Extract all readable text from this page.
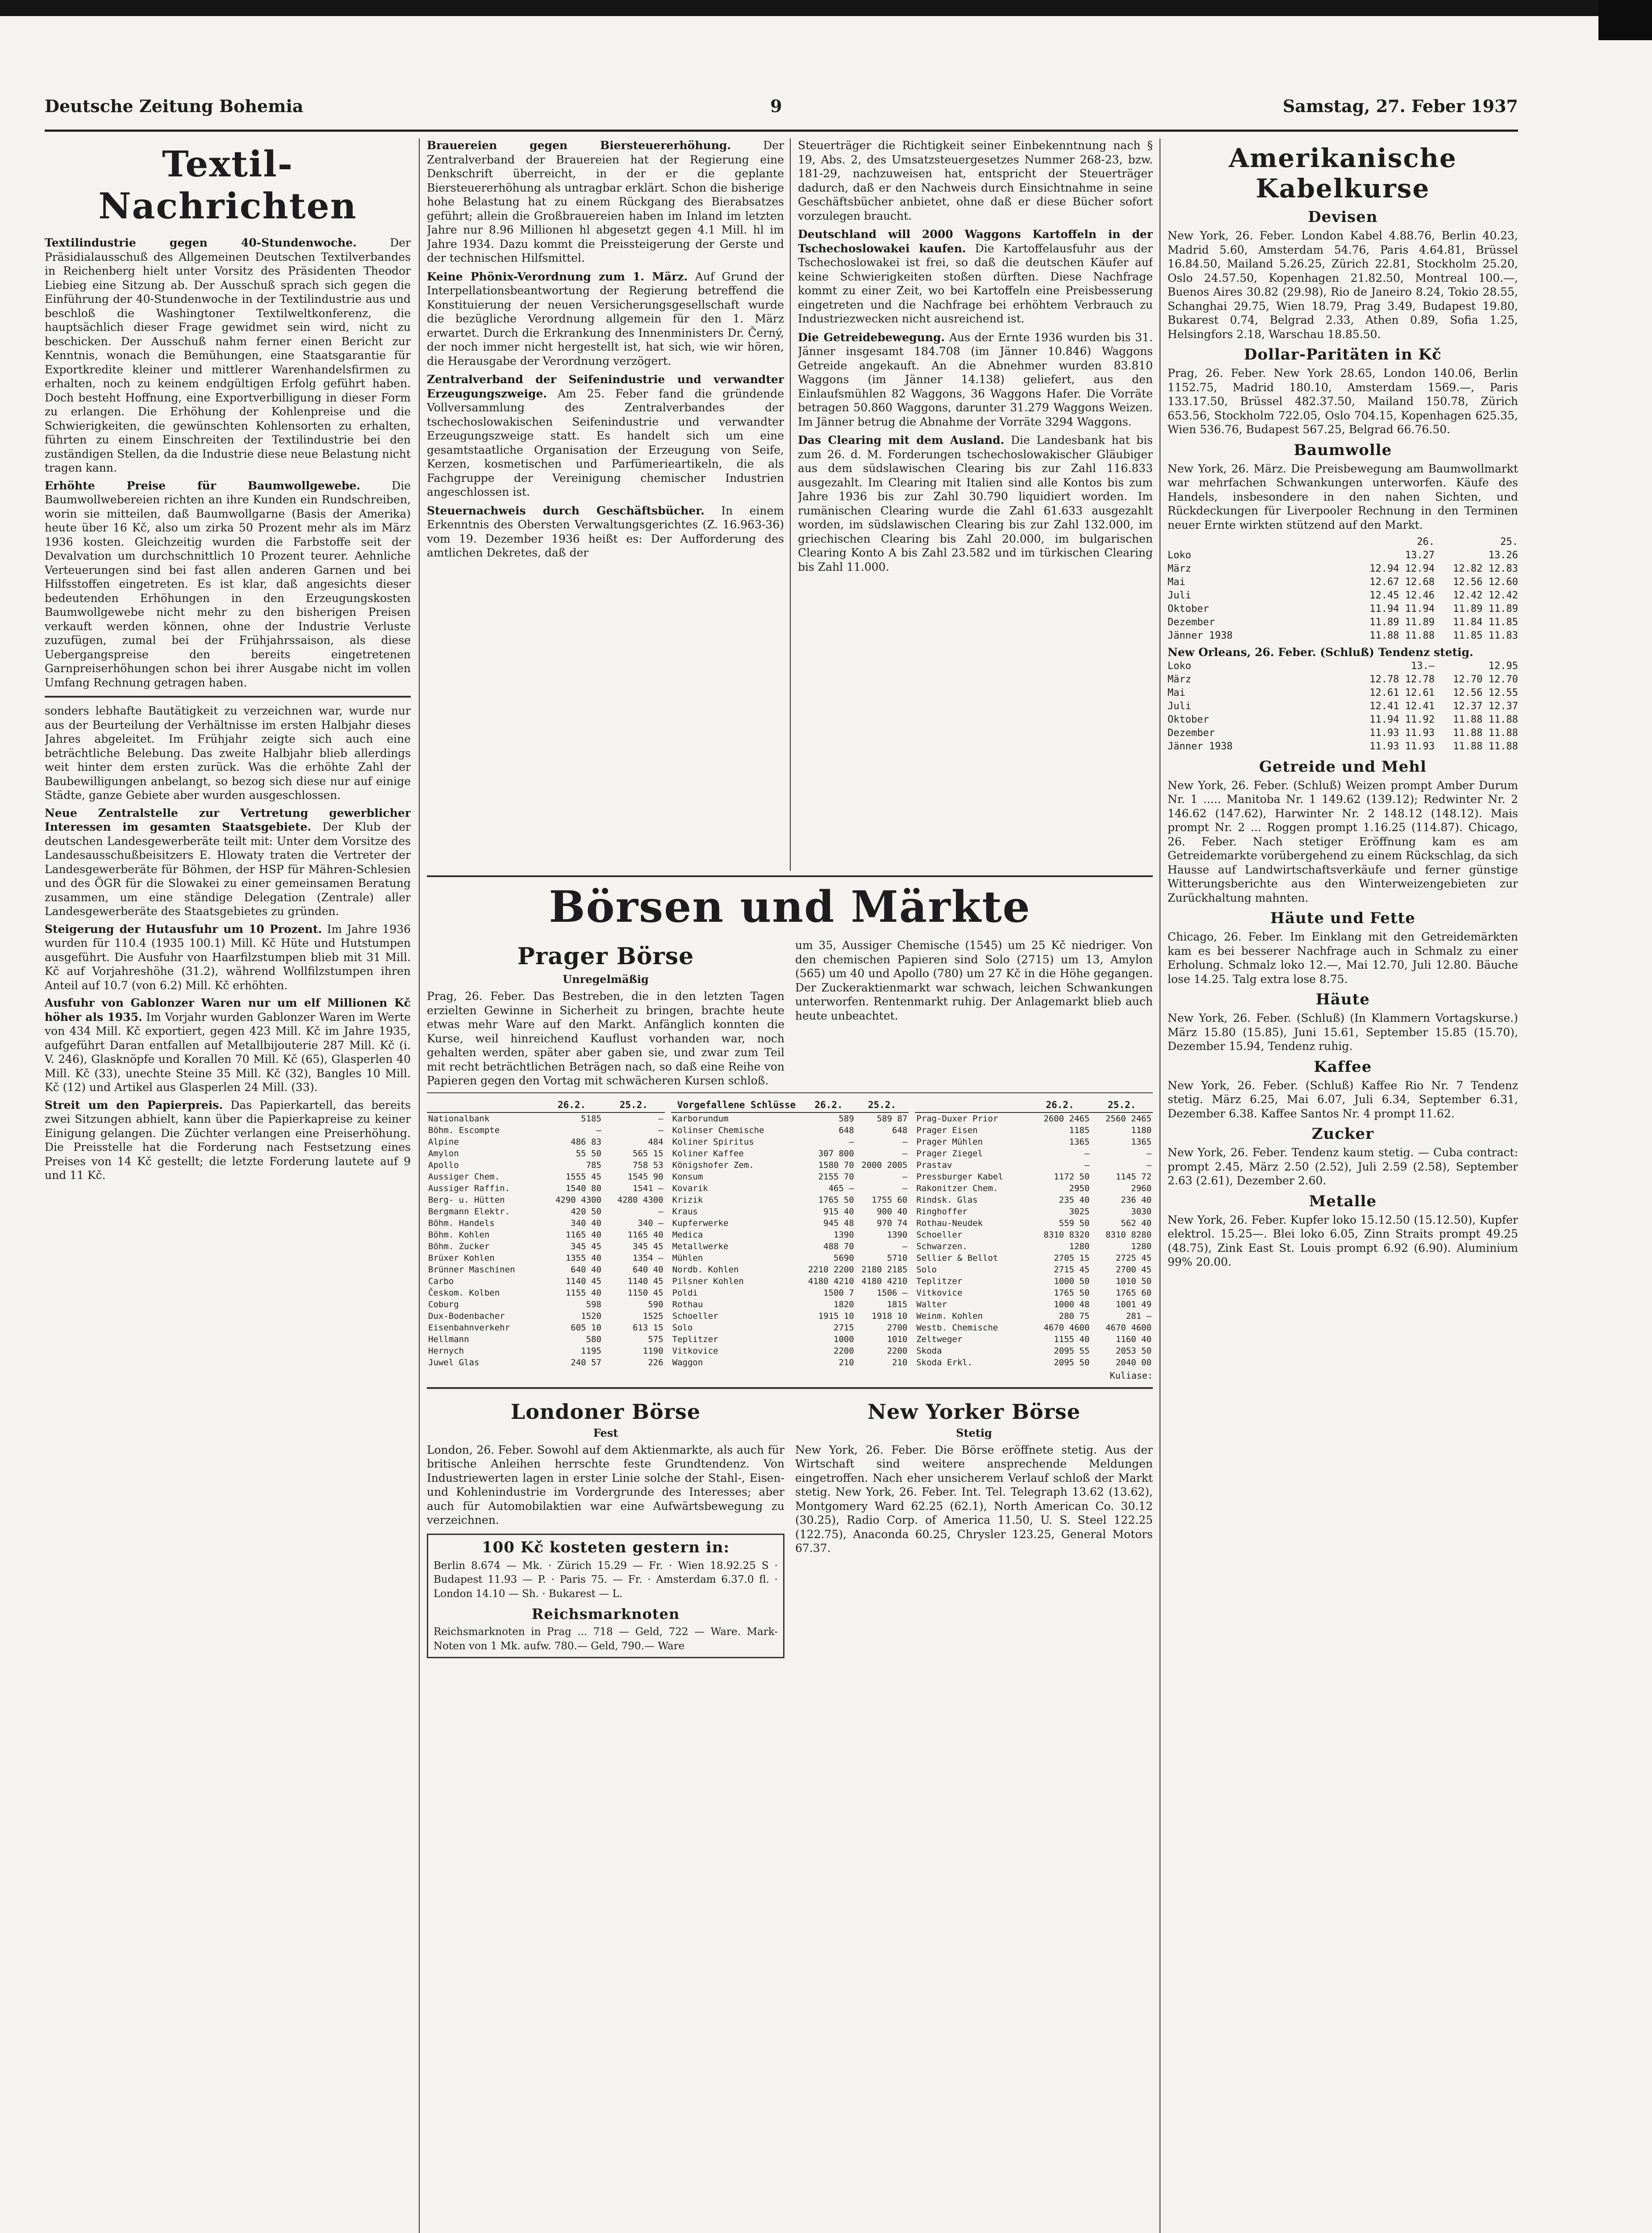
Deutsche Zeitung Bohemia	9	Samstag, 27. Feber 1937
Textil-Nachrichten

Textilindustrie gegen 40-Stundenwoche.	Der Präsidialausschuß des Allgemeinen Deutschen Textilverbandes in Reichenberg hielt unter Vorsitz des Präsidenten Theodor Liebieg eine Sitzung ab. Der Ausschuß sprach sich gegen die Einführung der 40-Stundenwoche in der Textilindustrie aus und beschloß die Washingtoner Textilweltkonferenz, die hauptsächlich dieser Frage gewidmet sein wird, nicht zu beschicken. Der Ausschuß nahm ferner einen Bericht zur Kenntnis, wonach die Bemühungen, eine Staatsgarantie für Exportkredite kleiner und mittlerer Warenhandelsfirmen zu erhalten, noch zu keinem endgültigen Erfolg geführt haben. Doch besteht Hoffnung, eine Exportverbilligung in dieser Form zu erlangen. Die Erhöhung der Kohlenpreise und die Schwierigkeiten, die gewünschten Kohlensorten zu erhalten, führten zu einem Einschreiten der Textilindustrie bei den zuständigen Stellen, da die Industrie diese neue Belastung nicht tragen kann.

Erhöhte Preise für Baumwollgewebe.	Die Baumwollwebereien richten an ihre Kunden ein Rundschreiben, worin sie mitteilen, daß Baumwollgarne (Basis der Amerika) heute über 16 Kč, also um zirka 50 Prozent mehr als im März 1936 kosten. Gleichzeitig wurden die Farbstoffe seit der Devalvation um durchschnittlich 10 Prozent teurer. Aehnliche Verteuerungen sind bei fast allen anderen Garnen und bei Hilfsstoffen eingetreten. Es ist klar, daß angesichts dieser bedeutenden Erhöhungen in den Erzeugungskosten Baumwollgewebe nicht mehr zu den bisherigen Preisen verkauft werden können, ohne der Industrie Verluste zuzufügen, zumal bei der Frühjahrssaison, als diese Uebergangspreise den bereits eingetretenen Garnpreiserhöhungen schon bei ihrer Ausgabe nicht im vollen Umfang Rechnung getragen haben.

sonders lebhafte Bautätigkeit zu verzeichnen war, wurde nur aus der Beurteilung der Verhältnisse im ersten Halbjahr dieses Jahres abgeleitet. Im Frühjahr zeigte sich auch eine beträchtliche Belebung. Das zweite Halbjahr blieb allerdings weit hinter dem ersten zurück. Was die erhöhte Zahl der Baubewilligungen anbelangt, so bezog sich diese nur auf einige Städte, ganze Gebiete aber wurden ausgeschlossen.

Neue Zentralstelle zur Vertretung gewerblicher Interessen im gesamten Staatsgebiete. Der Klub der deutschen Landesgewerberäte teilt mit: Unter dem Vorsitze des Landesausschußbeisitzers E. Hlowaty traten die Vertreter der Landesgewerberäte für Böhmen, der HSP für Mähren-Schlesien und des ÖGR für die Slowakei zu einer gemeinsamen Beratung zusammen, um eine ständige Delegation (Zentrale) aller Landesgewerberäte des Staatsgebietes zu gründen.

Steigerung der Hutausfuhr um 10 Prozent. Im Jahre 1936 wurden für 110.4 (1935 100.1) Mill. Kč Hüte und Hutstumpen ausgeführt. Die Ausfuhr von Haarfilzstumpen blieb mit 31 Mill. Kč auf Vorjahreshöhe (31.2), während Wollfilzstumpen ihren Anteil auf 10.7 (von 6.2) Mill. Kč erhöhten.

Ausfuhr von Gablonzer Waren nur um elf Millionen Kč höher als 1935. Im Vorjahr wurden Gablonzer Waren im Werte von 434 Mill. Kč exportiert, gegen 423 Mill. Kč im Jahre 1935, aufgeführt Daran entfallen auf Metallbijouterie 287 Mill. Kč (i. V. 246), Glasknöpfe und Korallen 70 Mill. Kč (65), Glasperlen 40 Mill. Kč (33), unechte Steine 35 Mill. Kč (32), Bangles 10 Mill. Kč (12) und Artikel aus Glasperlen 24 Mill. (33).

Streit um den Papierpreis. Das Papierkartell, das bereits zwei Sitzungen abhielt, kann über die Papierkapreise zu keiner Einigung gelangen. Die Züchter verlangen eine Preiserhöhung. Die Preisstelle hat die Forderung nach Festsetzung eines Preises von 14 Kč gestellt; die letzte Forderung lautete auf 9 und 11 Kč.

Brauereien gegen Biersteuererhöhung.	Der Zentralverband der Brauereien hat der Regierung eine Denkschrift überreicht, in der er die geplante Biersteuererhöhung als untragbar erklärt. Schon die bisherige hohe Belastung hat zu einem Rückgang des Bierabsatzes geführt; allein die Großbrauereien haben im Inland im letzten Jahre nur 8.96 Millionen hl abgesetzt gegen 4.1 Mill. hl im Jahre 1934. Dazu kommt die Preissteigerung der Gerste und der technischen Hilfsmittel.

Keine Phönix-Verordnung zum 1. März. Auf Grund der Interpellationsbeantwortung der Regierung betreffend die Konstituierung der neuen Versicherungsgesellschaft wurde die bezügliche Verordnung allgemein für den 1. März erwartet. Durch die Erkrankung des Innenministers Dr. Černý, der noch immer nicht hergestellt ist, hat sich, wie wir hören, die Herausgabe der Verordnung verzögert.

Zentralverband der Seifenindustrie und verwandter Erzeugungszweige. Am 25. Feber fand die gründende Vollversammlung des Zentralverbandes der tschechoslowakischen Seifenindustrie und verwandter Erzeugungszweige statt. Es handelt sich um eine gesamtstaatliche Organisation der Erzeugung von Seife, Kerzen, kosmetischen und Parfümerieartikeln, die als Fachgruppe der Vereinigung chemischer Industrien angeschlossen ist.

Steuernachweis durch Geschäftsbücher. In einem Erkenntnis des Obersten Verwaltungsgerichtes (Z. 16.963-36) vom 19. Dezember 1936 heißt es: Der Aufforderung des amtlichen Dekretes, daß der

Steuerträger die Richtigkeit seiner Einbekenntnung nach § 19, Abs. 2, des Umsatzsteuergesetzes Nummer 268-23, bzw. 181-29, nachzuweisen hat, entspricht der Steuerträger dadurch, daß er den Nachweis durch Einsichtnahme in seine Geschäftsbücher anbietet, ohne daß er diese Bücher sofort vorzulegen braucht.

Deutschland will 2000 Waggons Kartoffeln in der Tschechoslowakei kaufen. Die Kartoffelausfuhr aus der Tschechoslowakei ist frei, so daß die deutschen Käufer auf keine Schwierigkeiten stoßen dürften. Diese Nachfrage kommt zu einer Zeit, wo bei Kartoffeln eine Preisbesserung eingetreten und die Nachfrage bei erhöhtem Verbrauch zu Industriezwecken nicht ausreichend ist.

Die Getreidebewegung. Aus der Ernte 1936 wurden bis 31. Jänner insgesamt 184.708 (im Jänner 10.846) Waggons Getreide angekauft. An die Abnehmer wurden 83.810 Waggons (im Jänner 14.138) geliefert, aus den Einlaufsmühlen 82 Waggons, 36 Waggons Hafer. Die Vorräte betragen 50.860 Waggons, darunter 31.279 Waggons Weizen. Im Jänner betrug die Abnahme der Vorräte 3294 Waggons.

Das Clearing mit dem Ausland. Die Landesbank hat bis zum 26. d. M. Forderungen tschechoslowakischer Gläubiger aus dem südslawischen Clearing bis zur Zahl 116.833 ausgezahlt. Im Clearing mit Italien sind alle Kontos bis zum Jahre 1936 bis zur Zahl 30.790 liquidiert worden. Im rumänischen Clearing wurde die Zahl 61.633 ausgezahlt worden, im südslawischen Clearing bis zur Zahl 132.000, im griechischen Clearing bis Zahl 20.000, im bulgarischen Clearing Konto A bis Zahl 23.582 und im türkischen Clearing bis Zahl 11.000.

Börsen und Märkte
Prager Börse
Unregelmäßig

Prag, 26. Feber. Das Bestreben, die in den letzten Tagen erzielten Gewinne in Sicherheit zu bringen, brachte heute etwas mehr Ware auf den Markt. Anfänglich konnten die Kurse, weil hinreichend Kauflust vorhanden war, noch gehalten werden, später aber gaben sie, und zwar zum Teil mit recht beträchtlichen Beträgen nach, so daß eine Reihe von Papieren gegen den Vortag mit schwächeren Kursen schloß.

um 35, Aussiger Chemische (1545) um 25 Kč niedriger. Von den chemischen Papieren sind Solo (2715) um 13, Amylon (565) um 40 und Apollo (780) um 27 Kč in die Höhe gegangen. Der Zuckeraktienmarkt war schwach, leichen Schwankungen unterworfen. Rentenmarkt ruhig. Der Anlagemarkt blieb auch heute unbeachtet.

	26.2.	25.2.
Nationalbank	5185	—
Böhm. Escompte	—	—
Alpine	486 83	484
Amylon	55 50	565 15
Apollo	785	758 53
Aussiger Chem.	1555 45	1545 90
Aussiger Raffin.	1540 80	1541 —
Berg- u. Hütten	4290 4300	4280 4300
Bergmann Elektr.	420 50	—
Böhm. Handels	340 40	340 —
Böhm. Kohlen	1165 40	1165 40
Böhm. Zucker	345 45	345 45
Brüxer Kohlen	1355 40	1354 —
Brünner Maschinen	640 40	640 40
Carbo	1140 45	1140 45
Českom. Kolben	1155 40	1150 45
Coburg	598	590
Dux-Bodenbacher	1520	1525
Eisenbahnverkehr	605 10	613 15
Hellmann	580	575
Hernych	1195	1190
Juwel Glas	240 57	226
Vorgefallene Schlüsse	26.2.	25.2.
Karborundum	589	589 87
Kolinser Chemische	648	648
Koliner Spiritus	—	—
Koliner Kaffee	307 800	—
Königshofer Zem.	1580 70	2000 2005
Konsum	2155 70	—
Kovarik	465 —	—
Krizik	1765 50	1755 60
Kraus	915 40	900 40
Kupferwerke	945 48	970 74
Medica	1390	1390
Metallwerke	488 70	—
Mühlen	5690	5710
Nordb. Kohlen	2210 2200	2180 2185
Pilsner Kohlen	4180 4210	4180 4210
Poldi	1500 7	1506 —
Rothau	1820	1815
Schoeller	1915 10	1918 10
Solo	2715	2700
Teplitzer	1000	1010
Vitkovice	2200	2200
Waggon	210	210
	26.2.	25.2.
Prag-Duxer Prior	2600 2465	2560 2465
Prager Eisen	1185	1180
Prager Mühlen	1365	1365
Prager Ziegel	—	—
Prastav	—	—
Pressburger Kabel	1172 50	1145 72
Rakonitzer Chem.	2950	2960
Rindsk. Glas	235 40	236 40
Ringhoffer	3025	3030
Rothau-Neudek	559 50	562 40
Schoeller	8310 8320	8310 8280
Schwarzen.	1280	1280
Sellier & Bellot	2705 15	2725 45
Solo	2715 45	2700 45
Teplitzer	1000 50	1010 50
Vitkovice	1765 50	1765 60
Walter	1000 48	1001 49
Weinm. Kohlen	280 75	281 —
Westb. Chemische	4670 4600	4670 4600
Zeltweger	1155 40	1160 40
Skoda	2095 55	2053 50
Skoda Erkl.	2095 50	2040 00
Kuliase:
Londoner Börse
Fest

London, 26. Feber. Sowohl auf dem Aktienmarkte, als auch für britische Anleihen herrschte feste Grundtendenz. Von Industriewerten lagen in erster Linie solche der Stahl-, Eisen- und Kohlenindustrie im Vordergrunde des Interesses; aber auch für Automobilaktien war eine Aufwärtsbewegung zu verzeichnen.

100 Kč kosteten gestern in:

Berlin 8.674 — Mk. · Zürich 15.29 — Fr. · Wien 18.92.25 S · Budapest 11.93 — P. · Paris 75. — Fr. · Amsterdam 6.37.0 fl. · London 14.10 — Sh. · Bukarest — L.

Reichsmarknoten

Reichsmarknoten in Prag ... 718 — Geld, 722 — Ware. Mark-Noten von 1 Mk. aufw. 780.— Geld, 790.— Ware

New Yorker Börse
Stetig

New York, 26. Feber. Die Börse eröffnete stetig. Aus der Wirtschaft sind weitere ansprechende Meldungen eingetroffen. Nach eher unsicherem Verlauf schloß der Markt stetig. New York, 26. Feber. Int. Tel. Telegraph 13.62 (13.62), Montgomery Ward 62.25 (62.1), North American Co. 30.12 (30.25), Radio Corp. of America 11.50, U. S. Steel 122.25 (122.75), Anaconda 60.25, Chrysler 123.25, General Motors 67.37.

Amerikanische Kabelkurse
Devisen

New York, 26. Feber. London Kabel 4.88.76, Berlin 40.23, Madrid 5.60, Amsterdam 54.76, Paris 4.64.81, Brüssel 16.84.50, Mailand 5.26.25, Zürich 22.81, Stockholm 25.20, Oslo 24.57.50, Kopenhagen 21.82.50, Montreal 100.—, Buenos Aires 30.82 (29.98), Rio de Janeiro 8.24, Tokio 28.55, Schanghai 29.75, Wien 18.79, Prag 3.49, Budapest 19.80, Bukarest 0.74, Belgrad 2.33, Athen 0.89, Sofia 1.25, Helsingfors 2.18, Warschau 18.85.50.

Dollar-Paritäten in Kč

Prag, 26. Feber. New York 28.65, London 140.06, Berlin 1152.75, Madrid 180.10, Amsterdam 1569.—, Paris 133.17.50, Brüssel 482.37.50, Mailand 150.78, Zürich 653.56, Stockholm 722.05, Oslo 704.15, Kopenhagen 625.35, Wien 536.76, Budapest 567.25, Belgrad 66.76.50.

Baumwolle

New York, 26. März. Die Preisbewegung am Baumwollmarkt war mehrfachen Schwankungen unterworfen. Käufe des Handels, insbesondere in den nahen Sichten, und Rückdeckungen für Liverpooler Rechnung in den Terminen neuer Ernte wirkten stützend auf den Markt.

26.	25.
Loko	13.27	13.26
März	12.94 12.94	12.82 12.83
Mai	12.67 12.68	12.56 12.60
Juli	12.45 12.46	12.42 12.42
Oktober	11.94 11.94	11.89 11.89
Dezember	11.89 11.89	11.84 11.85
Jänner 1938	11.88 11.88	11.85 11.83

New Orleans, 26. Feber. (Schluß) Tendenz stetig.

Loko	13.—	12.95
März	12.78 12.78	12.70 12.70
Mai	12.61 12.61	12.56 12.55
Juli	12.41 12.41	12.37 12.37
Oktober	11.94 11.92	11.88 11.88
Dezember	11.93 11.93	11.88 11.88
Jänner 1938	11.93 11.93	11.88 11.88
Getreide und Mehl

New York, 26. Feber. (Schluß) Weizen prompt Amber Durum Nr. 1 ..... Manitoba Nr. 1 149.62 (139.12); Redwinter Nr. 2 146.62 (147.62), Harwinter Nr. 2 148.12 (148.12). Mais prompt Nr. 2 ... Roggen prompt 1.16.25 (114.87). Chicago, 26. Feber. Nach stetiger Eröffnung kam es am Getreidemarkte vorübergehend zu einem Rückschlag, da sich Hausse auf Landwirtschaftsverkäufe und ferner günstige Witterungsberichte aus den Winterweizengebieten zur Zurückhaltung mahnten.

Häute und Fette

Chicago, 26. Feber. Im Einklang mit den Getreidemärkten kam es bei besserer Nachfrage auch in Schmalz zu einer Erholung. Schmalz loko 12.—, Mai 12.70, Juli 12.80. Bäuche lose 14.25. Talg extra lose 8.75.

Häute

New York, 26. Feber. (Schluß) (In Klammern Vortagskurse.) März 15.80 (15.85), Juni 15.61, September 15.85 (15.70), Dezember 15.94, Tendenz ruhig.

Kaffee

New York, 26. Feber. (Schluß) Kaffee Rio Nr. 7 Tendenz stetig. März 6.25, Mai 6.07, Juli 6.34, September 6.31, Dezember 6.38. Kaffee Santos Nr. 4 prompt 11.62.

Zucker

New York, 26. Feber. Tendenz kaum stetig. — Cuba contract: prompt 2.45, März 2.50 (2.52), Juli 2.59 (2.58), September 2.63 (2.61), Dezember 2.60.

Metalle

New York, 26. Feber. Kupfer loko 15.12.50 (15.12.50), Kupfer elektrol. 15.25—. Blei loko 6.05, Zinn Straits prompt 49.25 (48.75), Zink East St. Louis prompt 6.92 (6.90). Aluminium 99% 20.00.
